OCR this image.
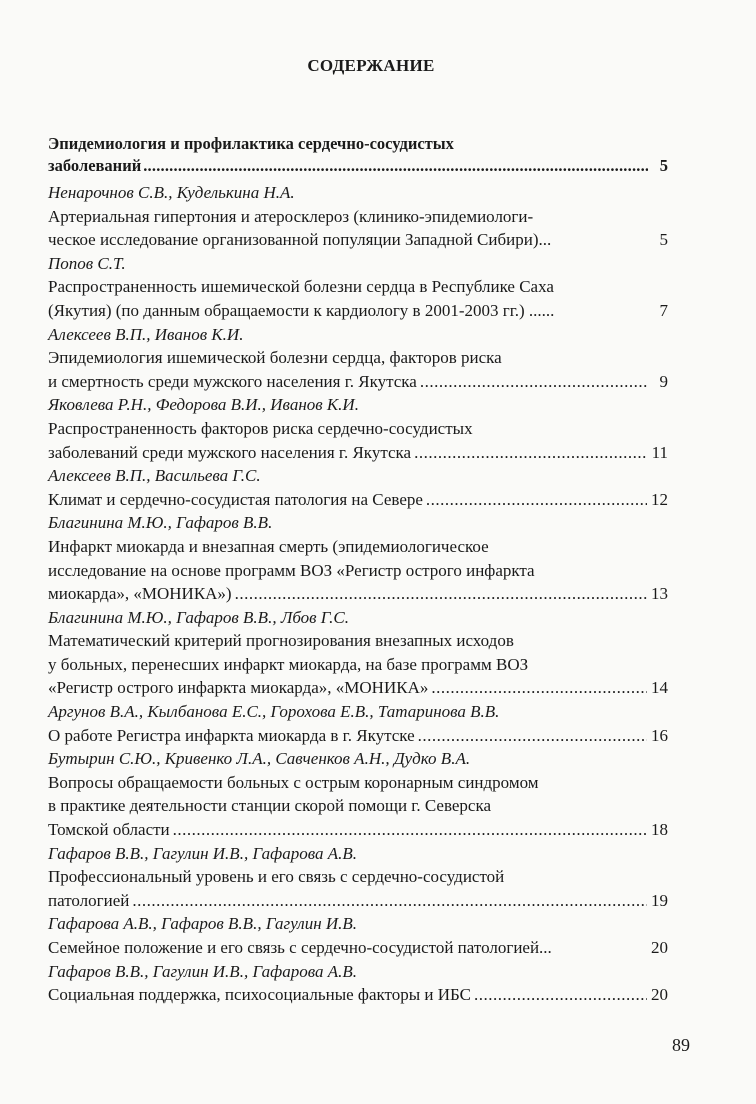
СОДЕРЖАНИЕ
Эпидемиология и профилактика сердечно-сосудистых
заболеваний .....	5
Ненарочнов С.В., Куделькина Н.А.
Артериальная гипертония и атеросклероз (клинико-эпидемиологи-
ческое исследование организованной популяции Западной Сибири)...	5
Попов С.Т.
Распространенность ишемической болезни сердца в Республике Саха
(Якутия) (по данным обращаемости к кардиологу в 2001-2003 гг.) ......	7
Алексеев В.П., Иванов К.И.
Эпидемиология ишемической болезни сердца, факторов риска
и смертность среди мужского населения г. Якутска .....	9
Яковлева Р.Н., Федорова В.И., Иванов К.И.
Распространенность факторов риска сердечно-сосудистых
заболеваний среди мужского населения г. Якутска .....	11
Алексеев В.П., Васильева Г.С.
Климат и сердечно-сосудистая патология на Севере .....	12
Благинина М.Ю., Гафаров В.В.
Инфаркт миокарда и внезапная смерть (эпидемиологическое
исследование на основе программ ВОЗ «Регистр острого инфаркта
миокарда», «МОНИКА») .....	13
Благинина М.Ю., Гафаров В.В., Лбов Г.С.
Математический критерий прогнозирования внезапных исходов
у больных, перенесших инфаркт миокарда, на базе программ ВОЗ
«Регистр острого инфаркта миокарда», «МОНИКА» .....	14
Аргунов В.А., Кылбанова Е.С., Горохова Е.В., Татаринова В.В.
О работе Регистра инфаркта миокарда в г. Якутске .....	16
Бутырин С.Ю., Кривенко Л.А., Савченков А.Н., Дудко В.А.
Вопросы обращаемости больных с острым коронарным синдромом
в практике деятельности станции скорой помощи г. Северска
Томской области .....	18
Гафаров В.В., Гагулин И.В., Гафарова А.В.
Профессиональный уровень и его связь с сердечно-сосудистой
патологией .....	19
Гафарова А.В., Гафаров В.В., Гагулин И.В.
Семейное положение и его связь с сердечно-сосудистой патологией...	20
Гафаров В.В., Гагулин И.В., Гафарова А.В.
Социальная поддержка, психосоциальные факторы и ИБС .....	20
89
